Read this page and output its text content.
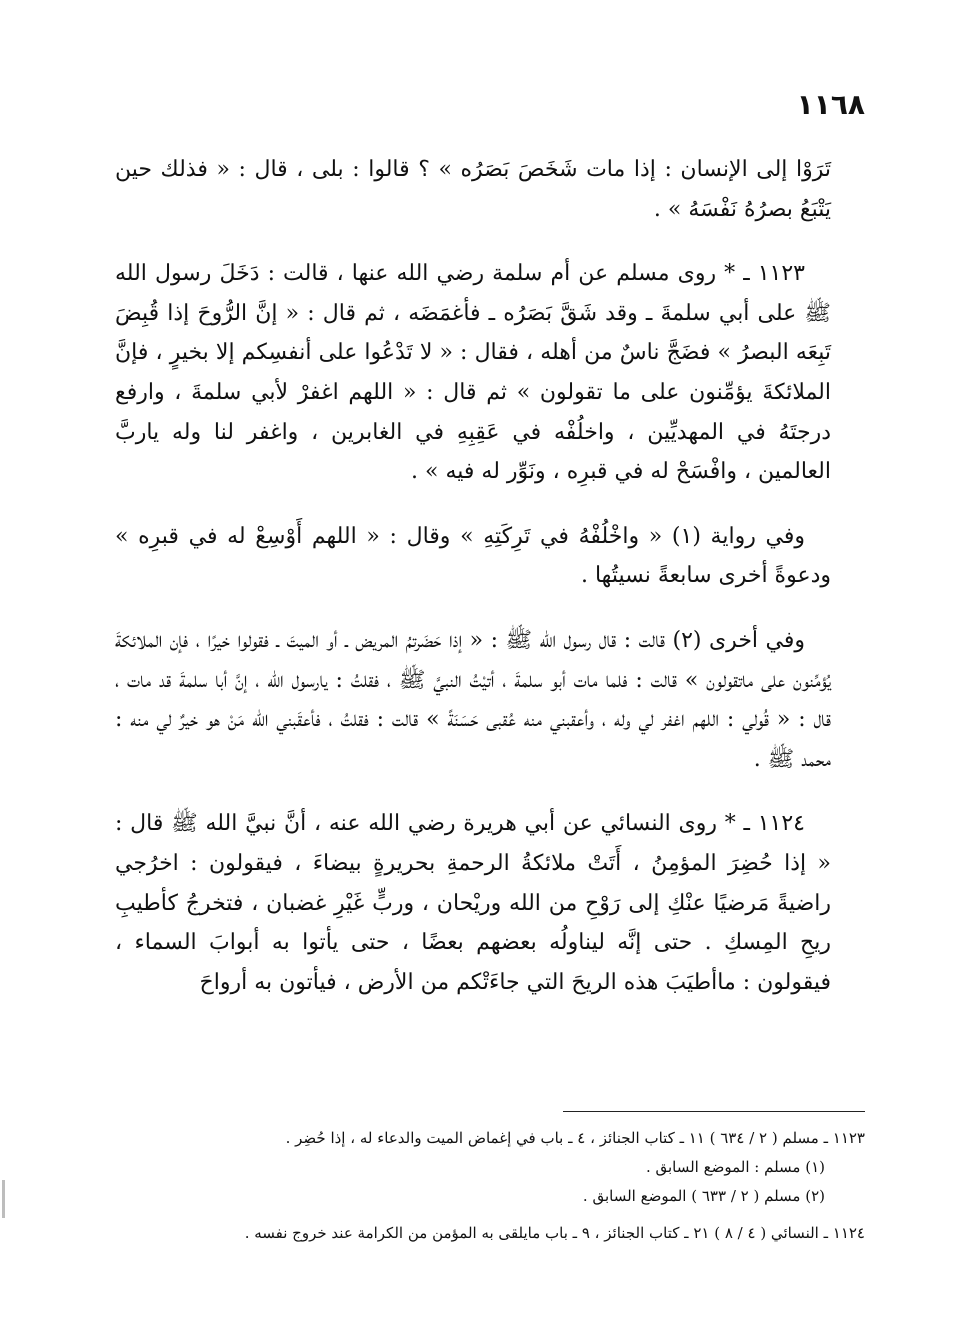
١١٦٨

تَرَوْا إلى الإنسان : إذا مات شَخَصَ بَصَرُه » ؟ قالوا : بلى ، قال : « فذلك حين يَتْبَعُ بصرُهُ نَفْسَهُ » .

١١٢٣ ـ * روى مسلم عن أم سلمة رضي الله عنها ، قالت : دَخَلَ رسول الله ﷺ على أبي سلمةَ ـ وقد شَقَّ بَصَرُه ـ فأغمَضَه ، ثم قال : « إنَّ الرُّوحَ إذا قُبِضَ تَبِعَه البصرُ » فضَجَّ ناسٌ من أهله ، فقال : « لا تَدْعُوا على أنفسِكم إلا بخيرٍ ، فإنَّ الملائكةَ يؤمِّنون على ما تقولون » ثم قال : « اللهم اغفرْ لأبي سلمةَ ، وارفع درجتَهُ في المهديِّين ، واخلُفْه في عَقِبِهِ في الغابرين ، واغفر لنا وله ياربَّ العالمين ، وافْسَحْ له في قبرِه ، ونَوِّر له فيه » .

وفي رواية (١) « واخْلُفْهُ في تَرِكَتِهِ » وقال : « اللهم أَوْسِعْ له في قبرِه » ودعوةً أخرى سابعةً نسيتُها .

وفي أخرى (٢) قالت : قال رسول الله ﷺ : « إذا حَضَرتمُ المريض ـ أو الميتَ ـ فقولوا خيرًا ، فإن الملائكةَ يُؤمِّنون على ماتقولون » قالت : فلما مات أبو سلمةَ ، أتيْتُ النبيَّ ﷺ ، فقلتُ : يارسول الله ، إنَّ أبا سلمةَ قد مات ، قال : « قُولي : اللهم اغفر لي وله ، وأعقبني منه عُقبى حَسَنَةً » قالت : فقلتُ ، فأعقَبني الله مَنْ هو خيرٌ لي منه : محمد ﷺ .

١١٢٤ ـ * روى النسائي عن أبي هريرة رضي الله عنه ، أنَّ نبيَّ الله ﷺ قال : « إذا حُضِرَ المؤمِنُ ، أَتَتْ ملائكةُ الرحمةِ بحريرةٍ بيضاءَ ، فيقولون : اخرُجي راضيةً مَرضيًا عنْكِ إلى رَوْحِ من الله وريْحان ، وربٍّ غَيْرِ غضبان ، فتخرجُ كأطيبِ ريحِ المِسكِ . حتى إنَّه ليناولُه بعضهم بعضًا ، حتى يأتوا به أبوابَ السماء ، فيقولون : ماأطيَبَ هذه الريحَ التي جاءَتْكم من الأرض ، فيأتون به أرواحَ

١١٢٣ ـ مسلم ( ٢ / ٦٣٤ ) ١١ ـ كتاب الجنائز ، ٤ ـ باب في إغماض الميت والدعاء له ، إذا حُضِر .

(١) مسلم : الموضع السابق .

(٢) مسلم ( ٢ / ٦٣٣ ) الموضع السابق .

١١٢٤ ـ النسائي ( ٤ / ٨ ) ٢١ ـ كتاب الجنائز ، ٩ ـ باب مايلقى به المؤمن من الكرامة عند خروج نفسه .
